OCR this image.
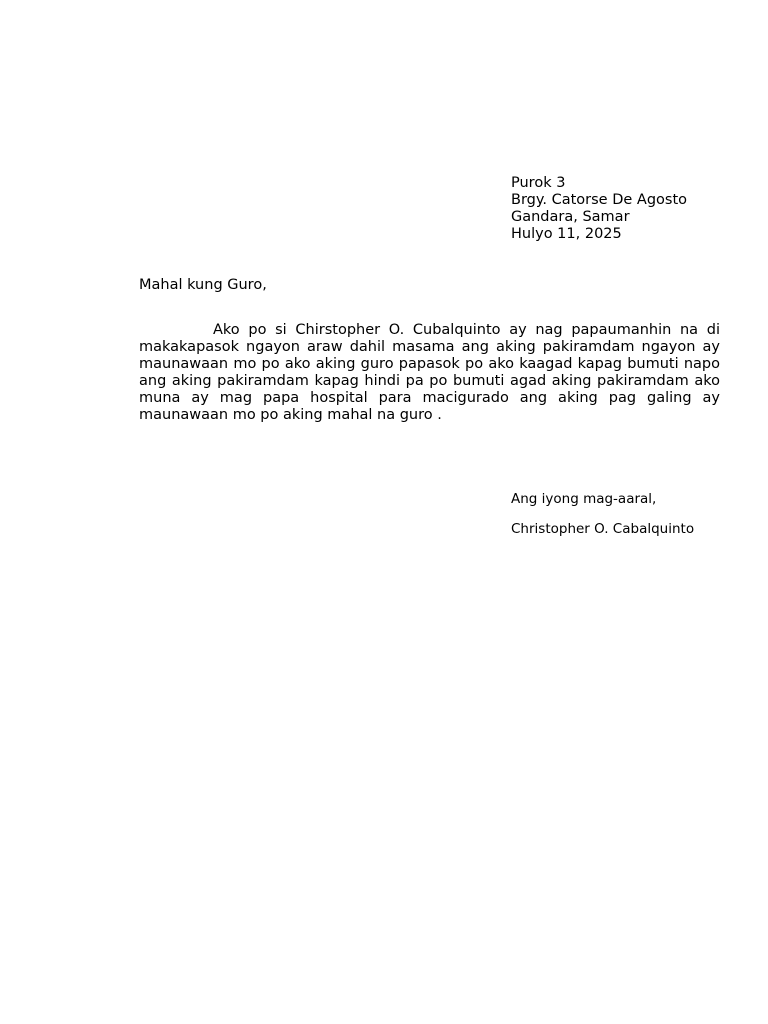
Purok 3
Brgy. Catorse De Agosto
Gandara, Samar
Hulyo 11, 2025
Mahal kung Guro,

Ako po si Chirstopher O. Cubalquinto ay nag papaumanhin na di makakapasok ngayon araw dahil masama ang aking pakiramdam ngayon ay maunawaan mo po ako aking guro papasok po ako kaagad kapag bumuti napo ang aking pakiramdam kapag hindi pa po bumuti agad aking pakiramdam ako muna ay mag papa hospital para macigurado ang aking pag galing ay maunawaan mo po aking mahal na guro .

Ang iyong mag-aaral,
Christopher O. Cabalquinto
